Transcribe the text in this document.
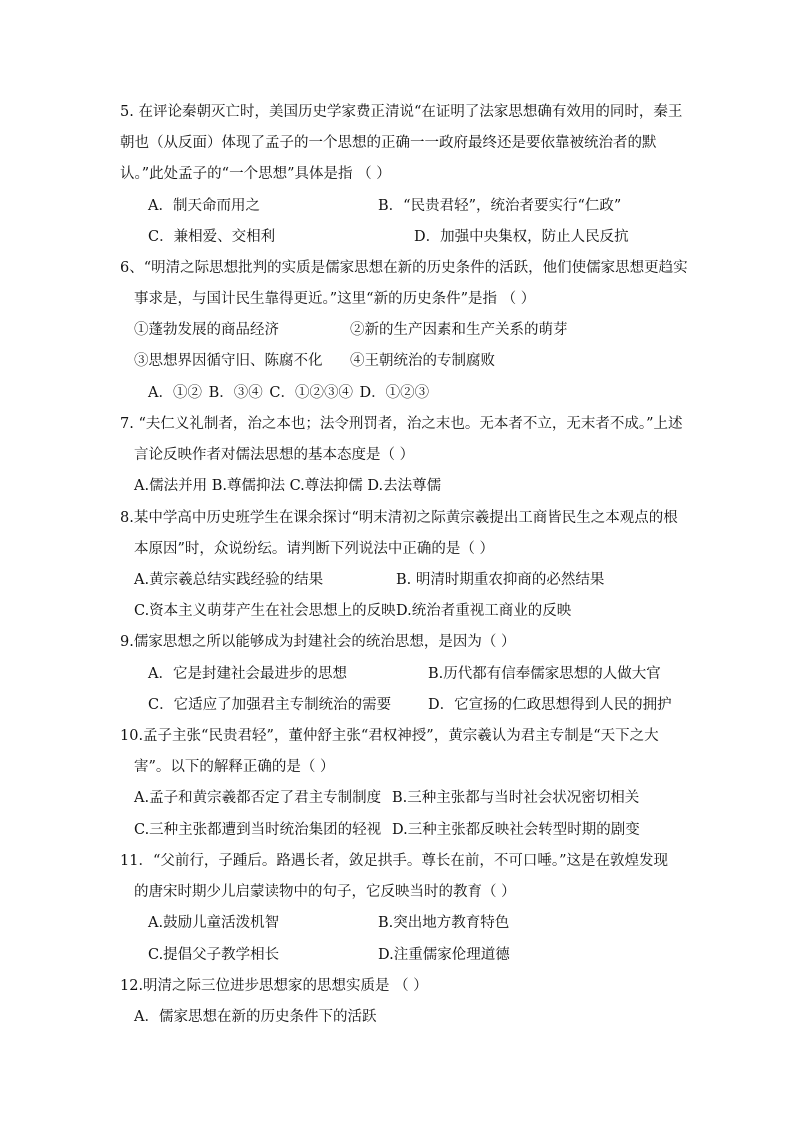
5. 在评论秦朝灭亡时，美国历史学家费正清说“在证明了法家思想确有效用的同时，秦王
朝也（从反面）体现了孟子的一个思想的正确一一政府最终还是要依靠被统治者的默
认。”此处孟子的“一个思想”具体是指 （ ）
A．制天命而用之	B．“民贵君轻”，统治者要实行“仁政”
C．兼相爱、交相利	D．加强中央集权，防止人民反抗
6、“明清之际思想批判的实质是儒家思想在新的历史条件的活跃，他们使儒家思想更趋实
事求是，与国计民生靠得更近。”这里“新的历史条件”是指 （ ）
①蓬勃发展的商品经济	②新的生产因素和生产关系的萌芽
③思想界因循守旧、陈腐不化 ④王朝统治的专制腐败
A．①② B．③④ C．①②③④ D．①②③
7. “夫仁义礼制者，治之本也；法令刑罚者，治之末也。无本者不立，无末者不成。”上述
言论反映作者对儒法思想的基本态度是（ ）
A.儒法并用 B.尊儒抑法 C.尊法抑儒 D.去法尊儒
8.某中学高中历史班学生在课余探讨“明末清初之际黄宗羲提出工商皆民生之本观点的根
本原因”时，众说纷纭。请判断下列说法中正确的是（ ）
A.黄宗羲总结实践经验的结果	B. 明清时期重农抑商的必然结果
C.资本主义萌芽产生在社会思想上的反映 D.统治者重视工商业的反映
9.儒家思想之所以能够成为封建社会的统治思想，是因为（ ）
A．它是封建社会最进步的思想	B.历代都有信奉儒家思想的人做大官
C．它适应了加强君主专制统治的需要	D．它宣扬的仁政思想得到人民的拥护
10.孟子主张“民贵君轻”，董仲舒主张“君权神授”，黄宗羲认为君主专制是“天下之大
害”。以下的解释正确的是（ ）
A.孟子和黄宗羲都否定了君主专制制度 B.三种主张都与当时社会状况密切相关
C.三种主张都遭到当时统治集团的轻视 D.三种主张都反映社会转型时期的剧变
11．“父前行，子踵后。路遇长者，敛足拱手。尊长在前，不可口唾。”这是在敦煌发现
的唐宋时期少儿启蒙读物中的句子，它反映当时的教育（ ）
A.鼓励儿童活泼机智	B.突出地方教育特色
C.提倡父子教学相长	D.注重儒家伦理道德
12.明清之际三位进步思想家的思想实质是 （ ）
A．儒家思想在新的历史条件下的活跃
